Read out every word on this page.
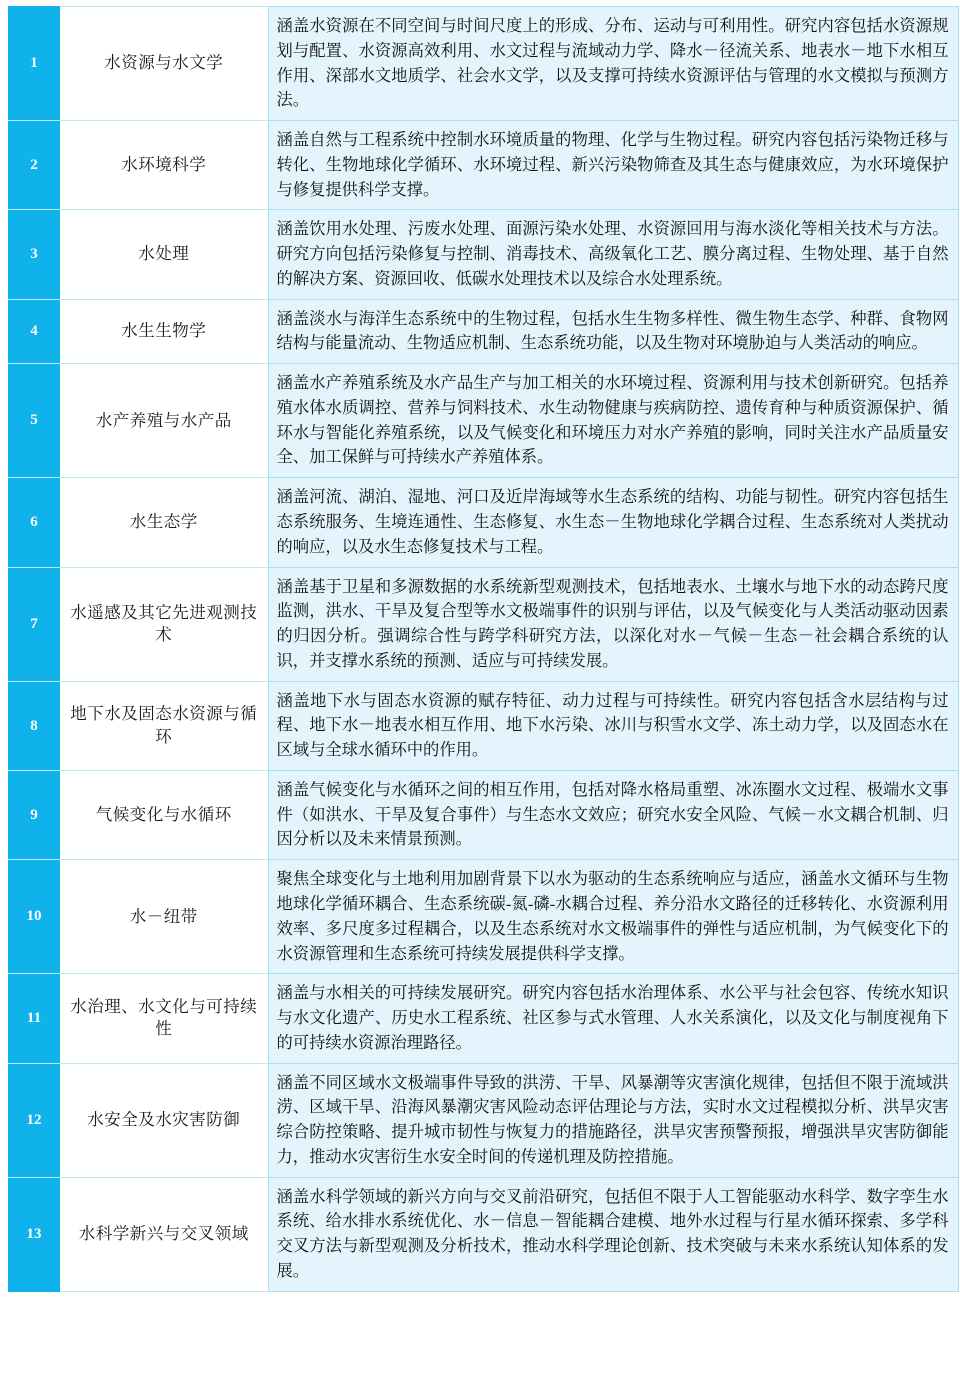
1	水资源与水文学	涵盖水资源在不同空间与时间尺度上的形成、分布、运动与可利用性。研究内容包括水资源规划与配置、水资源高效利用、水文过程与流域动力学、降水－径流关系、地表水－地下水相互作用、深部水文地质学、社会水文学，以及支撑可持续水资源评估与管理的水文模拟与预测方法。

2	水环境科学	涵盖自然与工程系统中控制水环境质量的物理、化学与生物过程。研究内容包括污染物迁移与转化、生物地球化学循环、水环境过程、新兴污染物筛查及其生态与健康效应，为水环境保护与修复提供科学支撑。

3	水处理	涵盖饮用水处理、污废水处理、面源污染水处理、水资源回用与海水淡化等相关技术与方法。研究方向包括污染修复与控制、消毒技术、高级氧化工艺、膜分离过程、生物处理、基于自然的解决方案、资源回收、低碳水处理技术以及综合水处理系统。

4	水生生物学	涵盖淡水与海洋生态系统中的生物过程，包括水生生物多样性、微生物生态学、种群、食物网结构与能量流动、生物适应机制、生态系统功能，以及生物对环境胁迫与人类活动的响应。

5	水产养殖与水产品	涵盖水产养殖系统及水产品生产与加工相关的水环境过程、资源利用与技术创新研究。包括养殖水体水质调控、营养与饲料技术、水生动物健康与疾病防控、遗传育种与种质资源保护、循环水与智能化养殖系统，以及气候变化和环境压力对水产养殖的影响，同时关注水产品质量安全、加工保鲜与可持续水产养殖体系。

6	水生态学	涵盖河流、湖泊、湿地、河口及近岸海域等水生态系统的结构、功能与韧性。研究内容包括生态系统服务、生境连通性、生态修复、水生态－生物地球化学耦合过程、生态系统对人类扰动的响应，以及水生态修复技术与工程。

7	水遥感及其它先进观测技术	涵盖基于卫星和多源数据的水系统新型观测技术，包括地表水、土壤水与地下水的动态跨尺度监测，洪水、干旱及复合型等水文极端事件的识别与评估，以及气候变化与人类活动驱动因素的归因分析。强调综合性与跨学科研究方法，以深化对水－气候－生态－社会耦合系统的认识，并支撑水系统的预测、适应与可持续发展。

8	地下水及固态水资源与循环	涵盖地下水与固态水资源的赋存特征、动力过程与可持续性。研究内容包括含水层结构与过程、地下水－地表水相互作用、地下水污染、冰川与积雪水文学、冻土动力学，以及固态水在区域与全球水循环中的作用。

9	气候变化与水循环	涵盖气候变化与水循环之间的相互作用，包括对降水格局重塑、冰冻圈水文过程、极端水文事件（如洪水、干旱及复合事件）与生态水文效应；研究水安全风险、气候－水文耦合机制、归因分析以及未来情景预测。

10	水－纽带	聚焦全球变化与土地利用加剧背景下以水为驱动的生态系统响应与适应，涵盖水文循环与生物地球化学循环耦合、生态系统碳-氮-磷-水耦合过程、养分沿水文路径的迁移转化、水资源利用效率、多尺度多过程耦合，以及生态系统对水文极端事件的弹性与适应机制，为气候变化下的水资源管理和生态系统可持续发展提供科学支撑。

11	水治理、水文化与可持续性	涵盖与水相关的可持续发展研究。研究内容包括水治理体系、水公平与社会包容、传统水知识与水文化遗产、历史水工程系统、社区参与式水管理、人水关系演化，以及文化与制度视角下的可持续水资源治理路径。

12	水安全及水灾害防御	涵盖不同区域水文极端事件导致的洪涝、干旱、风暴潮等灾害演化规律，包括但不限于流域洪涝、区域干旱、沿海风暴潮灾害风险动态评估理论与方法，实时水文过程模拟分析、洪旱灾害综合防控策略、提升城市韧性与恢复力的措施路径，洪旱灾害预警预报，增强洪旱灾害防御能力，推动水灾害衍生水安全时间的传递机理及防控措施。

13	水科学新兴与交叉领域	涵盖水科学领域的新兴方向与交叉前沿研究，包括但不限于人工智能驱动水科学、数字孪生水系统、给水排水系统优化、水－信息－智能耦合建模、地外水过程与行星水循环探索、多学科交叉方法与新型观测及分析技术，推动水科学理论创新、技术突破与未来水系统认知体系的发展。
